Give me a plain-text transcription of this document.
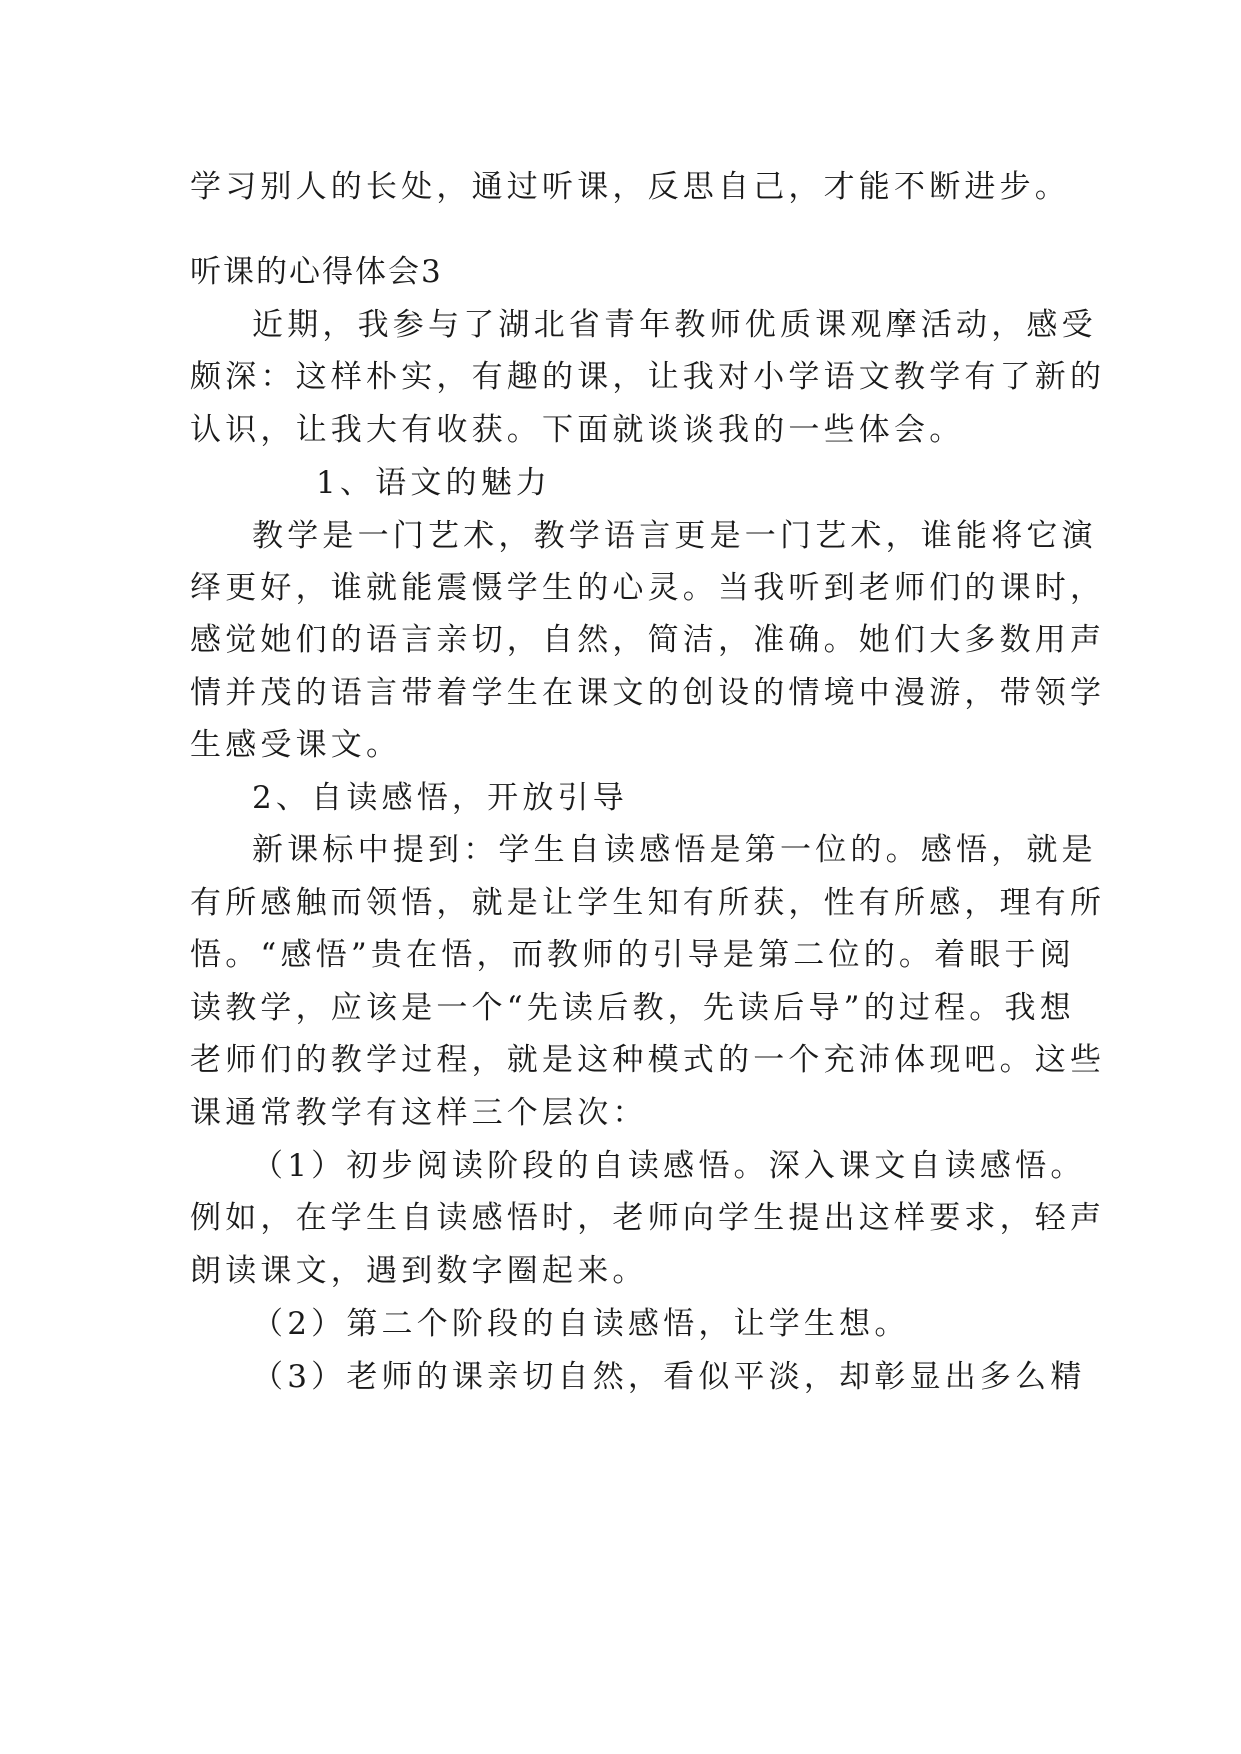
学习别人的长处，通过听课，反思自己，才能不断进步。
听课的心得体会3
近期，我参与了湖北省青年教师优质课观摩活动，感受
颇深：这样朴实，有趣的课，让我对小学语文教学有了新的
认识，让我大有收获。下面就谈谈我的一些体会。
1、语文的魅力
教学是一门艺术，教学语言更是一门艺术，谁能将它演
绎更好，谁就能震慑学生的心灵。当我听到老师们的课时，
感觉她们的语言亲切，自然，简洁，准确。她们大多数用声
情并茂的语言带着学生在课文的创设的情境中漫游，带领学
生感受课文。
2、自读感悟，开放引导
新课标中提到：学生自读感悟是第一位的。感悟，就是
有所感触而领悟，就是让学生知有所获，性有所感，理有所
悟。“感悟”贵在悟，而教师的引导是第二位的。着眼于阅
读教学，应该是一个“先读后教，先读后导”的过程。我想
老师们的教学过程，就是这种模式的一个充沛体现吧。这些
课通常教学有这样三个层次：
（1）初步阅读阶段的自读感悟。深入课文自读感悟。
例如，在学生自读感悟时，老师向学生提出这样要求，轻声
朗读课文，遇到数字圈起来。
（2）第二个阶段的自读感悟，让学生想。
（3）老师的课亲切自然，看似平淡，却彰显出多么精
